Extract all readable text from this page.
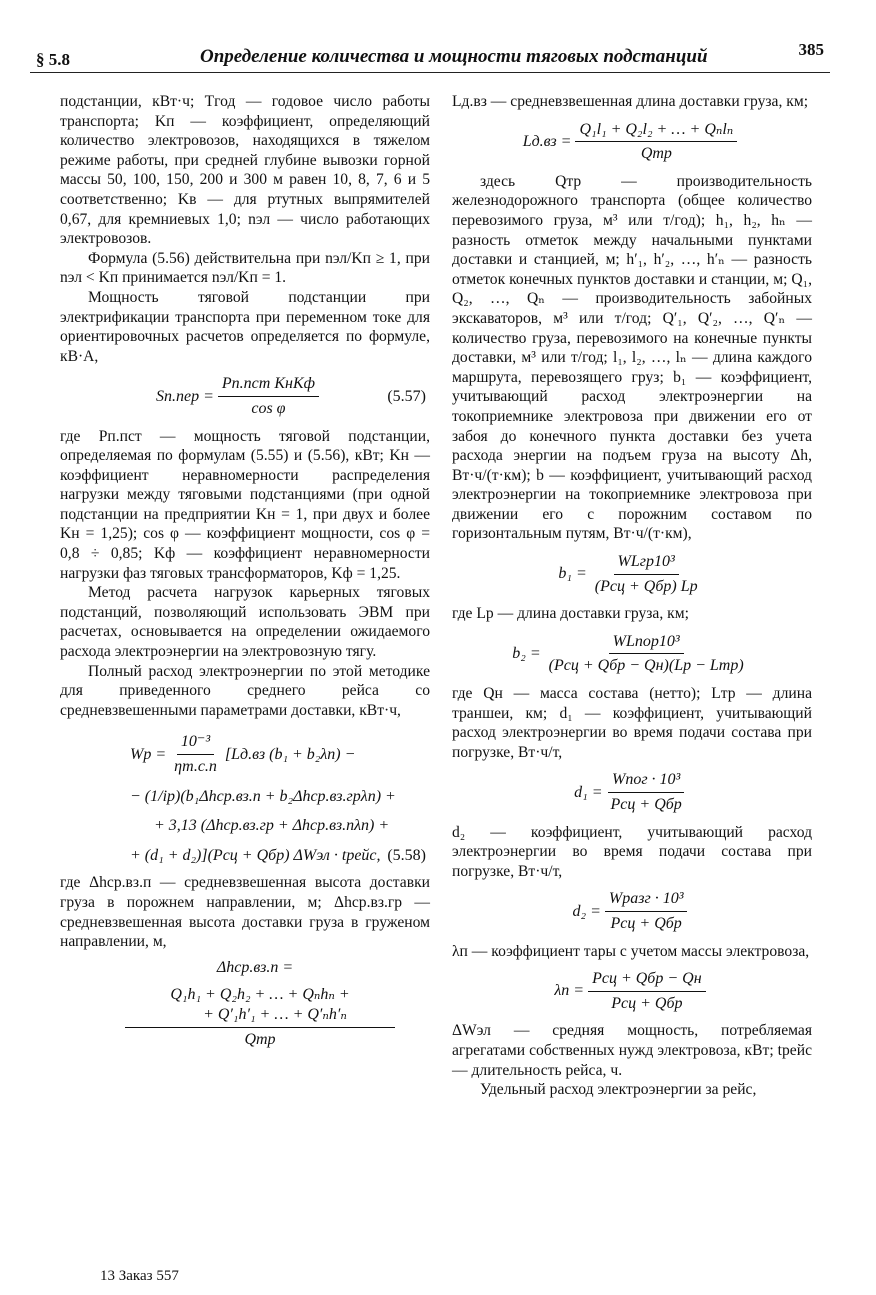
§ 5.8	Определение количества и мощности тяговых подстанций	385

подстанции, кВт·ч; Tгод — годовое число работы транспорта; Kп — коэффициент, определяющий количество электровозов, находящихся в тяжелом режиме работы, при средней глубине вывозки горной массы 50, 100, 150, 200 и 300 м равен 10, 8, 7, 6 и 5 соответственно; Kв — для ртутных выпрямителей 0,67, для кремниевых 1,0; nэл — число работающих электровозов.

Формула (5.56) действительна при nэл/Kп ≥ 1, при nэл < Kп принимается nэл/Kп = 1.

Мощность тяговой подстанции при электрификации транспорта при переменном токе для ориентировочных расчетов определяется по формуле, кВ·А,

$Sп.пер = \frac{\text{Pп.пст KнKф}}{\text{cos φ}}$	(5.57)

где Pп.пст — мощность тяговой подстанции, определяемая по формулам (5.55) и (5.56), кВт; Kн — коэффициент неравномерности распределения нагрузки между тяговыми подстанциями (при одной подстанции на предприятии Kн = 1, при двух и более Kн = 1,25); cos φ — коэффициент мощности, cos φ = 0,8 ÷ 0,85; Kф — коэффициент неравномерности нагрузки фаз тяговых трансформаторов, Kф = 1,25.

Метод расчета нагрузок карьерных тяговых подстанций, позволяющий использовать ЭВМ при расчетах, основывается на определении ожидаемого расхода электроэнергии на электровозную тягу.

Полный расход электроэнергии по этой методике для приведенного среднего рейса со средневзвешенными параметрами доставки, кВт·ч,

Wр = $\frac{\text{10⁻³}}{\eta т.с.п} [Lд.вз$ (b₁ + b₂λп) −
− (1/iр)(b₁Δhср.вз.п + b₂Δhср.вз.грλп) +
+ 3,13 (Δhср.вз.гр + Δhср.вз.пλп) +
+ (d₁ + d₂)](Pсц + Qбр) ΔWэл · tрейс, (5.58)

где Δhср.вз.п — средневзвешенная высота доставки груза в порожнем направлении, м; Δhср.вз.гр — средневзвешенная высота доставки груза в груженом направлении, м,

Δhср.вз.п =
Q₁h₁ + Q₂h₂ + … + Qₙhₙ +
+ Q′₁h′₁ + … + Q′ₙh′ₙ
Qтр

Lд.вз — средневзвешенная длина доставки груза, км;

$Lд.вз = \frac{\text{Q₁l₁ + Q₂l₂ + … + Qₙlₙ}}{\text{Qтр}}$

здесь Qтр — производительность железнодорожного транспорта (общее количество перевозимого груза, м³ или т/год); h₁, h₂, hₙ — разность отметок между начальными пунктами доставки и станцией, м; h′₁, h′₂, …, h′ₙ — разность отметок конечных пунктов доставки и станции, м; Q₁, Q₂, …, Qₙ — производительность забойных экскаваторов, м³ или т/год; Q′₁, Q′₂, …, Q′ₙ — количество груза, перевозимого на конечные пункты доставки, м³ или т/год; l₁, l₂, …, lₙ — длина каждого маршрута, перевозящего груз; b₁ — коэффициент, учитывающий расход электроэнергии на токоприемнике электровоза при движении его от забоя до конечного пункта доставки без учета расхода энергии на подъем груза на высоту Δh, Вт·ч/(т·км); b — коэффициент, учитывающий расход электроэнергии на токоприемнике электровоза при движении его с порожним составом по горизонтальным путям, Вт·ч/(т·км),

$b_1 = \frac{\text{WLгр10³}}{\text{(Pсц + Qбр) Lр}}$

где Lр — длина доставки груза, км;

$b_2 = \frac{\text{WLпор10³}}{\text{(Pсц + Qбр − Qн)(Lр − Lтр)}}$

где Qн — масса состава (нетто); Lтр — длина траншеи, км; d₁ — коэффициент, учитывающий расход электроэнергии во время подачи состава при погрузке, Вт·ч/т,

$d_1 = \frac{\text{Wпог · 10³}}{\text{Pсц + Qбр}}$

d₂ — коэффициент, учитывающий расход электроэнергии во время подачи состава при погрузке, Вт·ч/т,

$d_2 = \frac{\text{Wразг · 10³}}{\text{Pсц + Qбр}}$

λп — коэффициент тары с учетом массы электровоза,

$\lambda п = \frac{\text{Pсц + Qбр − Qн}}{\text{Pсц + Qбр}}$

ΔWэл — средняя мощность, потребляемая агрегатами собственных нужд электровоза, кВт; tрейс — длительность рейса, ч.

Удельный расход электроэнергии за рейс,

13 Заказ 557
